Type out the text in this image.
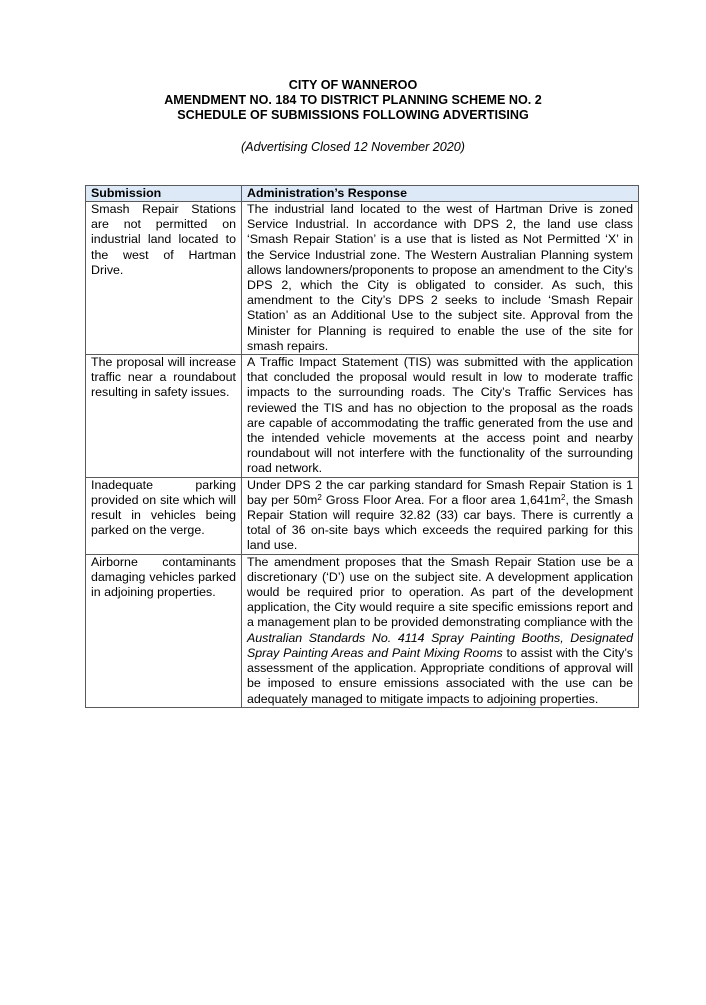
CITY OF WANNEROO
AMENDMENT NO. 184 TO DISTRICT PLANNING SCHEME NO. 2
SCHEDULE OF SUBMISSIONS FOLLOWING ADVERTISING
(Advertising Closed 12 November 2020)
Submission	Administration’s Response
Smash Repair Stations are not permitted on industrial land located to the west of Hartman Drive.	The industrial land located to the west of Hartman Drive is zoned Service Industrial. In accordance with DPS 2, the land use class ‘Smash Repair Station’ is a use that is listed as Not Permitted ‘X’ in the Service Industrial zone. The Western Australian Planning system allows landowners/proponents to propose an amendment to the City’s DPS 2, which the City is obligated to consider. As such, this amendment to the City’s DPS 2 seeks to include ‘Smash Repair Station’ as an Additional Use to the subject site. Approval from the Minister for Planning is required to enable the use of the site for smash repairs.
The proposal will increase traffic near a roundabout resulting in safety issues.	A Traffic Impact Statement (TIS) was submitted with the application that concluded the proposal would result in low to moderate traffic impacts to the surrounding roads. The City’s Traffic Services has reviewed the TIS and has no objection to the proposal as the roads are capable of accommodating the traffic generated from the use and the intended vehicle movements at the access point and nearby roundabout will not interfere with the functionality of the surrounding road network.
Inadequate parking provided on site which will result in vehicles being parked on the verge.	Under DPS 2 the car parking standard for Smash Repair Station is 1 bay per $50m^2$ Gross Floor Area. For a floor area $1,641m^2$, the Smash Repair Station will require 32.82 (33) car bays. There is currently a total of 36 on-site bays which exceeds the required parking for this land use.
Airborne contaminants damaging vehicles parked in adjoining properties.	The amendment proposes that the Smash Repair Station use be a discretionary (‘D’) use on the subject site. A development application would be required prior to operation. As part of the development application, the City would require a site specific emissions report and a management plan to be provided demonstrating compliance with the Australian Standards No. 4114 Spray Painting Booths, Designated Spray Painting Areas and Paint Mixing Rooms to assist with the City’s assessment of the application. Appropriate conditions of approval will be imposed to ensure emissions associated with the use can be adequately managed to mitigate impacts to adjoining properties.
